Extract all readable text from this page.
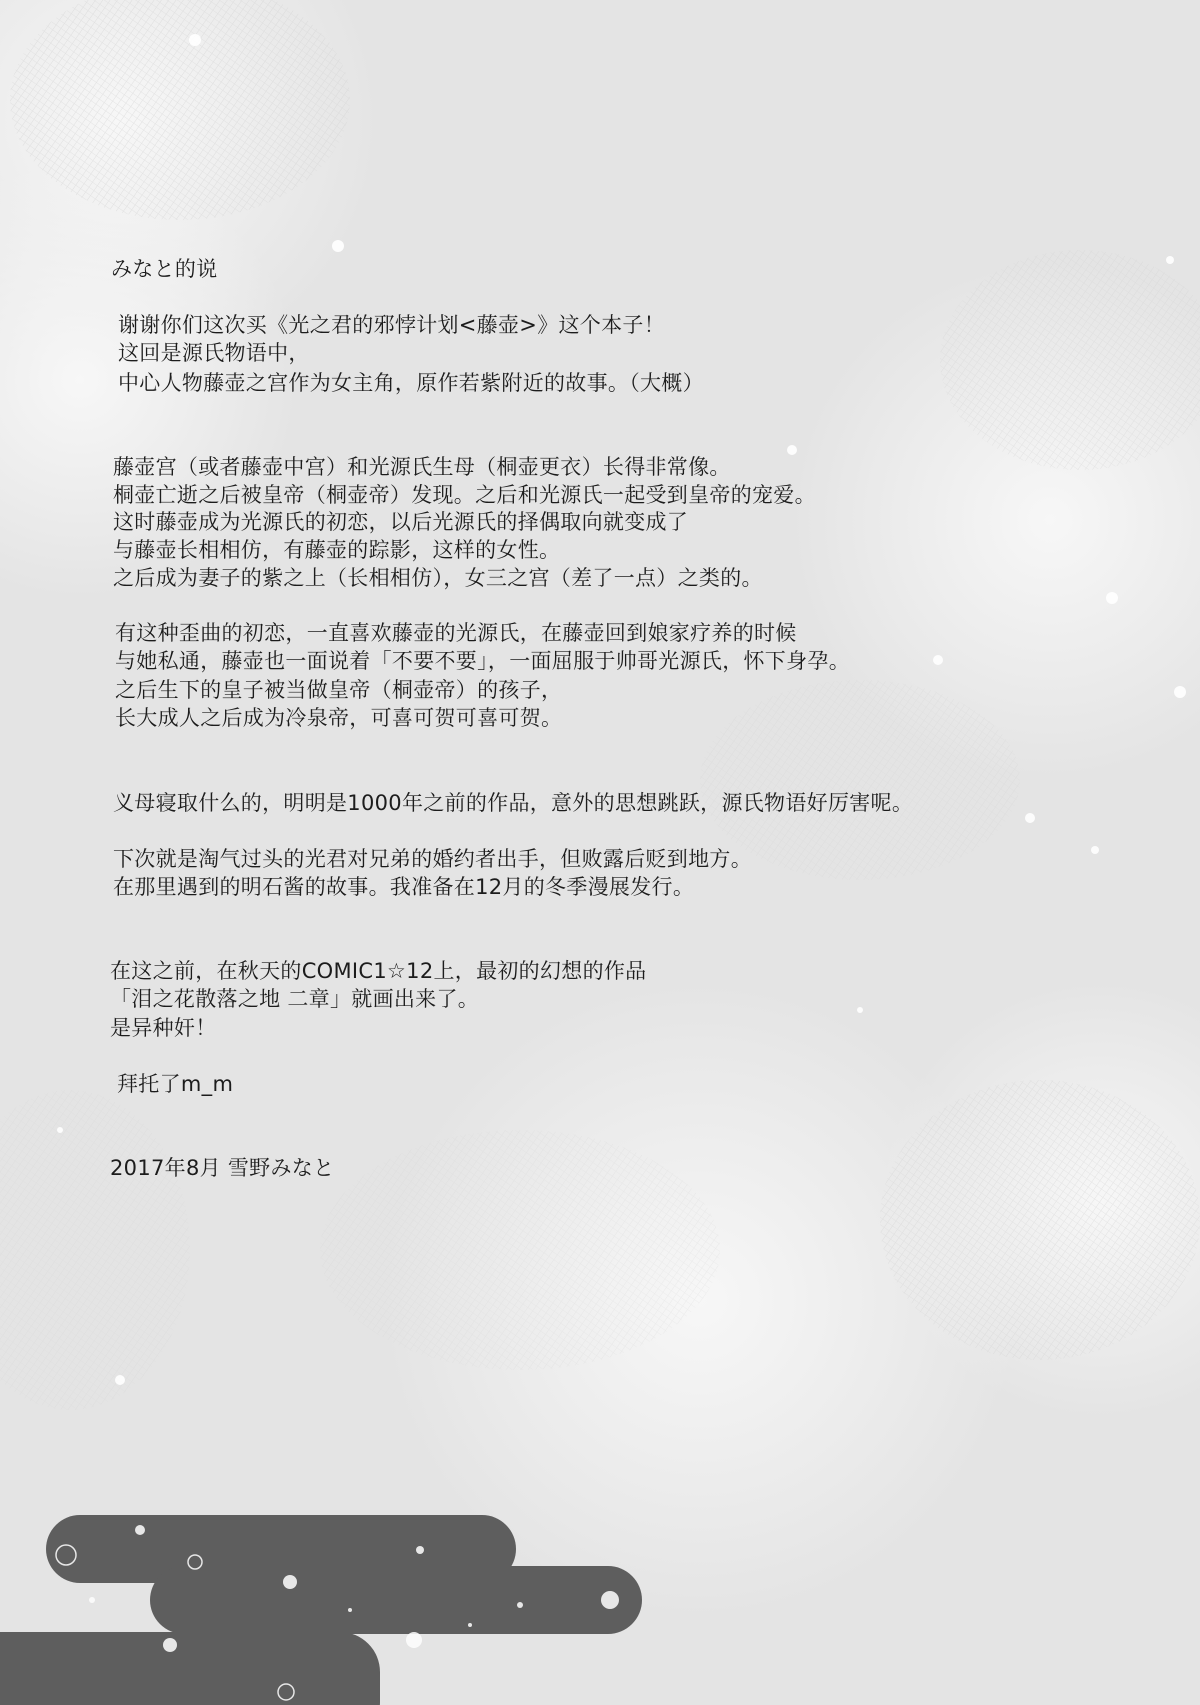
みなと的说

谢谢你们这次买《光之君的邪悖计划<藤壶>》这个本子！

这回是源氏物语中，

中心人物藤壶之宫作为女主角，原作若紫附近的故事。（大概）

藤壶宫（或者藤壶中宫）和光源氏生母（桐壶更衣）长得非常像。

桐壶亡逝之后被皇帝（桐壶帝）发现。之后和光源氏一起受到皇帝的宠爱。

这时藤壶成为光源氏的初恋，以后光源氏的择偶取向就变成了

与藤壶长相相仿，有藤壶的踪影，这样的女性。

之后成为妻子的紫之上（长相相仿），女三之宫（差了一点）之类的。

有这种歪曲的初恋，一直喜欢藤壶的光源氏，在藤壶回到娘家疗养的时候

与她私通，藤壶也一面说着「不要不要」，一面屈服于帅哥光源氏，怀下身孕。

之后生下的皇子被当做皇帝（桐壶帝）的孩子，

长大成人之后成为冷泉帝，可喜可贺可喜可贺。

义母寝取什么的，明明是1000年之前的作品，意外的思想跳跃，源氏物语好厉害呢。

下次就是淘气过头的光君对兄弟的婚约者出手，但败露后贬到地方。

在那里遇到的明石酱的故事。我准备在12月的冬季漫展发行。

在这之前，在秋天的COMIC1☆12上，最初的幻想的作品

「泪之花散落之地 二章」就画出来了。

是异种奸！

拜托了m_m

2017年8月 雪野みなと
